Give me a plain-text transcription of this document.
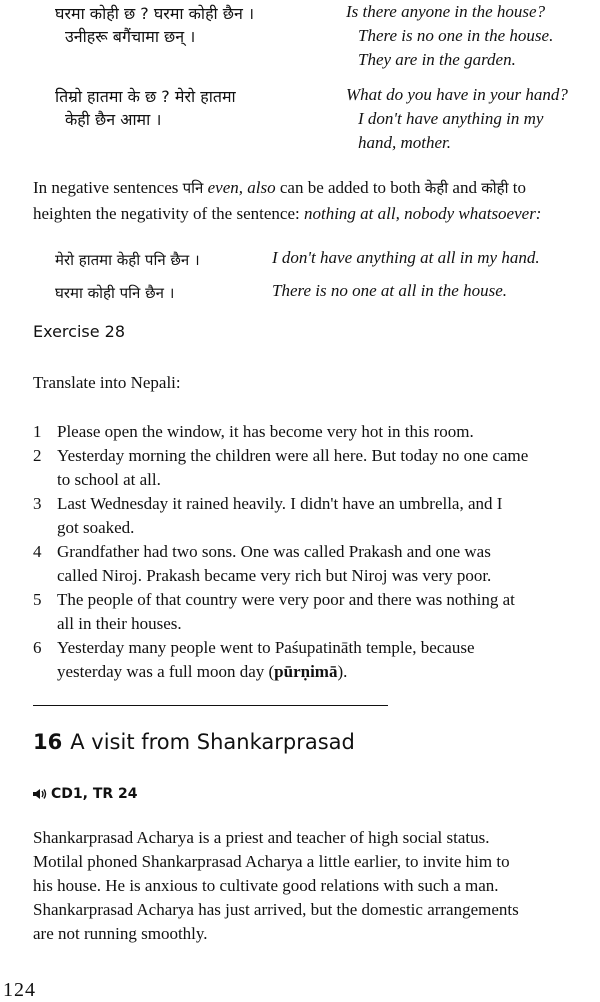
घरमा कोही छ ? घरमा कोही छैन ।
उनीहरू बगैंचामा छन् ।
Is there anyone in the house?
There is no one in the house.
They are in the garden.
तिम्रो हातमा के छ ? मेरो हातमा
केही छैन आमा ।
What do you have in your hand?
I don't have anything in my
hand, mother.
In negative sentences पनि even, also can be added to both केही and कोही to
heighten the negativity of the sentence: nothing at all, nobody whatsoever:
मेरो हातमा केही पनि छैन ।	I don't have anything at all in my hand.
घरमा कोही पनि छैन ।	There is no one at all in the house.
Exercise 28
Translate into Nepali:
1 Please open the window, it has become very hot in this room.
2 Yesterday morning the children were all here. But today no one came
to school at all.
3 Last Wednesday it rained heavily. I didn't have an umbrella, and I
got soaked.
4 Grandfather had two sons. One was called Prakash and one was
called Niroj. Prakash became very rich but Niroj was very poor.
5 The people of that country were very poor and there was nothing at
all in their houses.
6 Yesterday many people went to Paśupatināth temple, because
yesterday was a full moon day (pūrṇimā).
16 A visit from Shankarprasad
CD1, TR 24
Shankarprasad Acharya is a priest and teacher of high social status.
Motilal phoned Shankarprasad Acharya a little earlier, to invite him to
his house. He is anxious to cultivate good relations with such a man.
Shankarprasad Acharya has just arrived, but the domestic arrangements
are not running smoothly.
124
